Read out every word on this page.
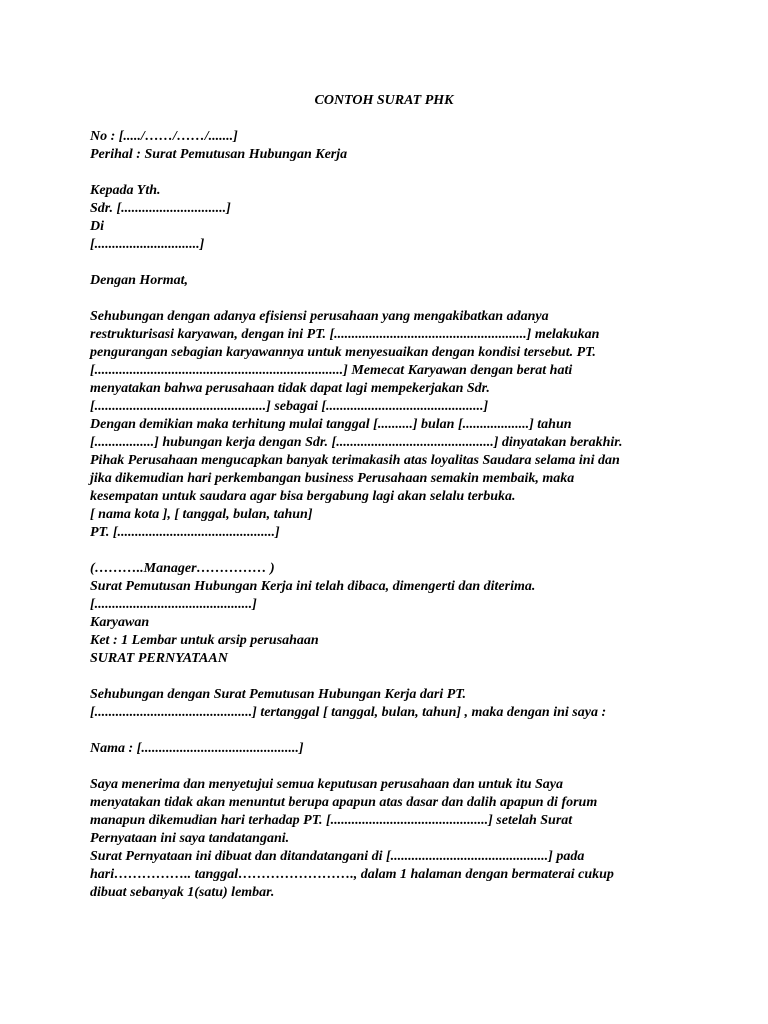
CONTOH SURAT PHK
No : [...../……/……/.......]
Perihal : Surat Pemutusan Hubungan Kerja
Kepada Yth.
Sdr. [..............................]
Di
[..............................]
Dengan Hormat,
Sehubungan dengan adanya efisiensi perusahaan yang mengakibatkan adanya
restrukturisasi karyawan, dengan ini PT. [.......................................................] melakukan
pengurangan sebagian karyawannya untuk menyesuaikan dengan kondisi tersebut. PT.
[.......................................................................] Memecat Karyawan dengan berat hati
menyatakan bahwa perusahaan tidak dapat lagi mempekerjakan Sdr.
[.................................................] sebagai [.............................................]
Dengan demikian maka terhitung mulai tanggal [..........] bulan [...................] tahun
[.................] hubungan kerja dengan Sdr. [.............................................] dinyatakan berakhir.
Pihak Perusahaan mengucapkan banyak terimakasih atas loyalitas Saudara selama ini dan
jika dikemudian hari perkembangan business Perusahaan semakin membaik, maka
kesempatan untuk saudara agar bisa bergabung lagi akan selalu terbuka.
[ nama kota ], [ tanggal, bulan, tahun]
PT. [.............................................]
(………..Manager…………… )
Surat Pemutusan Hubungan Kerja ini telah dibaca, dimengerti dan diterima.
[.............................................]
Karyawan
Ket : 1 Lembar untuk arsip perusahaan
SURAT PERNYATAAN
Sehubungan dengan Surat Pemutusan Hubungan Kerja dari PT.
[.............................................] tertanggal [ tanggal, bulan, tahun] , maka dengan ini saya :
Nama : [.............................................]
Saya menerima dan menyetujui semua keputusan perusahaan dan untuk itu Saya
menyatakan tidak akan menuntut berupa apapun atas dasar dan dalih apapun di forum
manapun dikemudian hari terhadap PT. [.............................................] setelah Surat
Pernyataan ini saya tandatangani.
Surat Pernyataan ini dibuat dan ditandatangani di [.............................................] pada
hari…………….. tanggal……………………., dalam 1 halaman dengan bermaterai cukup
dibuat sebanyak 1(satu) lembar.
